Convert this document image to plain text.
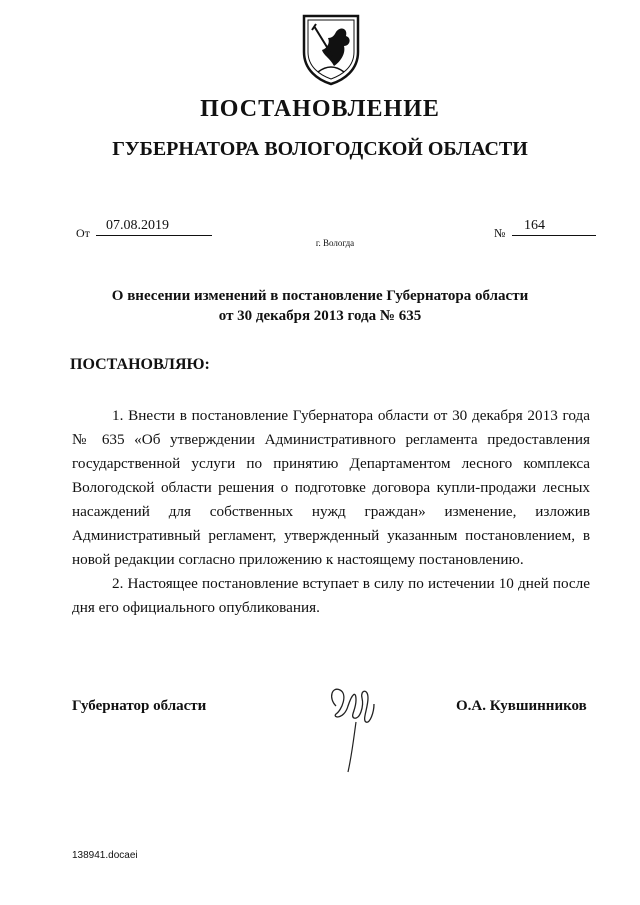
ПОСТАНОВЛЕНИЕ
ГУБЕРНАТОРА ВОЛОГОДСКОЙ ОБЛАСТИ
От	07.08.2019	№	164
г. Вологда
О внесении изменений в постановление Губернатора области
от 30 декабря 2013 года № 635
ПОСТАНОВЛЯЮ:

1. Внести в постановление Губернатора области от 30 декабря 2013 года № 635 «Об утверждении Административного регламента предоставления государственной услуги по принятию Департаментом лесного комплекса Вологодской области решения о подготовке договора купли-продажи лесных насаждений для собственных нужд граждан» изменение, изложив Административный регламент, утвержденный указанным постановлением, в новой редакции согласно приложению к настоящему постановлению.

2. Настоящее постановление вступает в силу по истечении 10 дней после дня его официального опубликования.

Губернатор области	О.А. Кувшинников
138941.docaei
